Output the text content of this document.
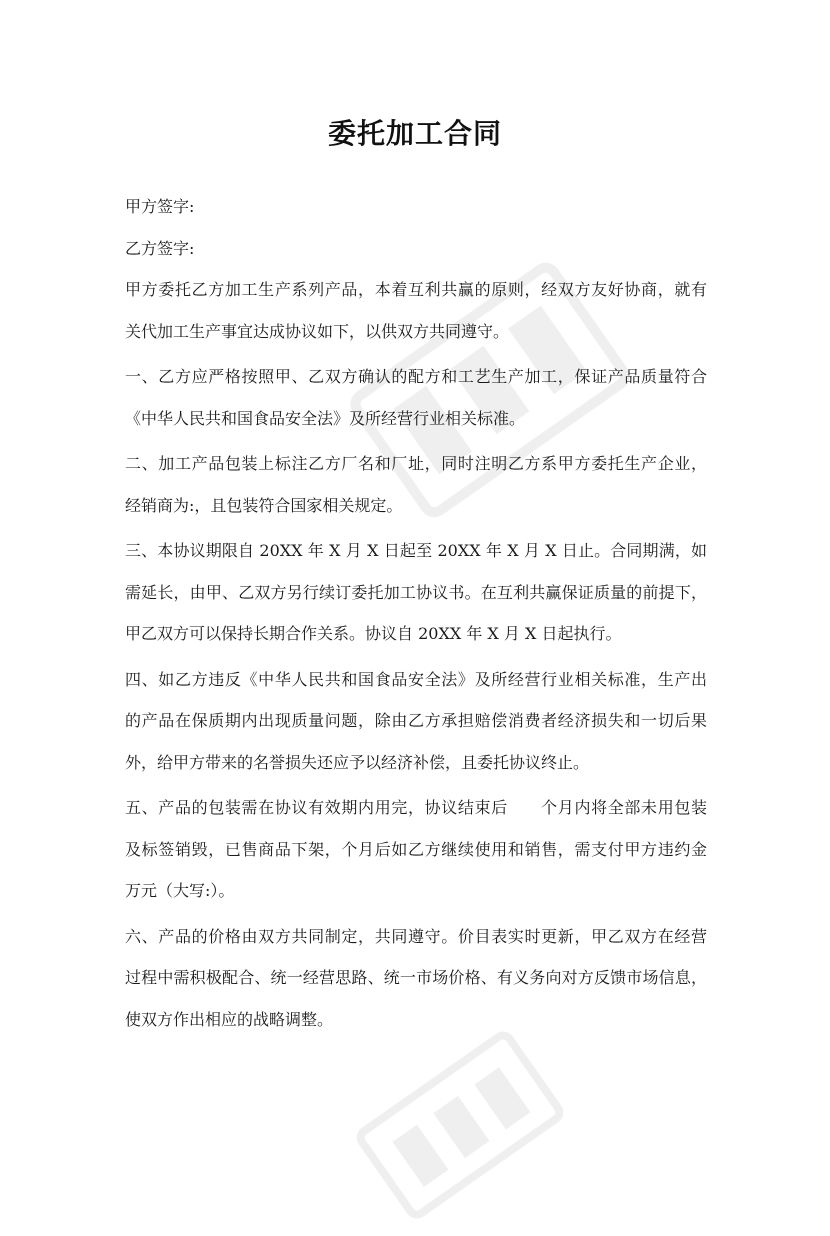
委托加工合同
甲方签字:
乙方签字:
甲方委托乙方加工生产系列产品，本着互利共赢的原则，经双方友好协商，就有
关代加工生产事宜达成协议如下，以供双方共同遵守。
一、乙方应严格按照甲、乙双方确认的配方和工艺生产加工，保证产品质量符合
《中华人民共和国食品安全法》及所经营行业相关标准。
二、加工产品包装上标注乙方厂名和厂址，同时注明乙方系甲方委托生产企业，
经销商为:，且包装符合国家相关规定。
三、本协议期限自 20XX 年 X 月 X 日起至 20XX 年 X 月 X 日止。合同期满，如
需延长，由甲、乙双方另行续订委托加工协议书。在互利共赢保证质量的前提下，
甲乙双方可以保持长期合作关系。协议自 20XX 年 X 月 X 日起执行。
四、如乙方违反《中华人民共和国食品安全法》及所经营行业相关标准，生产出
的产品在保质期内出现质量问题，除由乙方承担赔偿消费者经济损失和一切后果
外，给甲方带来的名誉损失还应予以经济补偿，且委托协议终止。
五、产品的包装需在协议有效期内用完，协议结束后　　个月内将全部未用包装
及标签销毁，已售商品下架，个月后如乙方继续使用和销售，需支付甲方违约金
万元（大写:）。
六、产品的价格由双方共同制定，共同遵守。价目表实时更新，甲乙双方在经营
过程中需积极配合、统一经营思路、统一市场价格、有义务向对方反馈市场信息，
使双方作出相应的战略调整。
